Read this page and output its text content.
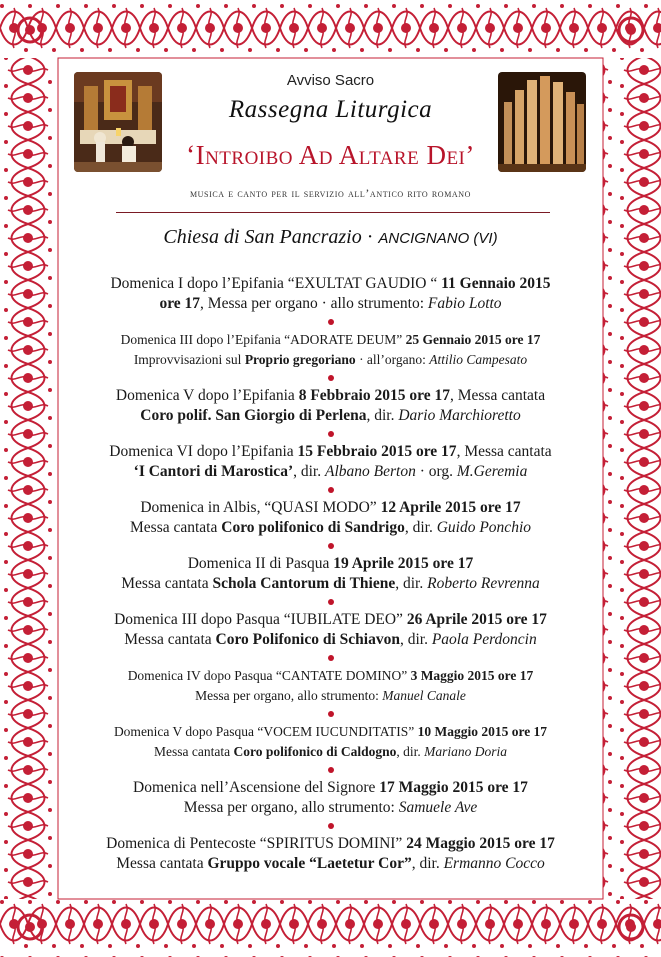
Avviso Sacro
Rassegna Liturgica
‘Introibo Ad Altare Dei’
musica e canto per il servizio all’antico rito romano
Chiesa di San Pancrazio · ANCIGNANO (VI)
Domenica I dopo l’Epifania “EXULTAT GAUDIO “ 11 Gennaio 2015
ore 17, Messa per organo · allo strumento: Fabio Lotto
Domenica III dopo l’Epifania “ADORATE DEUM” 25 Gennaio 2015 ore 17
Improvvisazioni sul Proprio gregoriano · all’organo: Attilio Campesato
Domenica V dopo l’Epifania 8 Febbraio 2015 ore 17, Messa cantata
Coro polif. San Giorgio di Perlena, dir. Dario Marchioretto
Domenica VI dopo l’Epifania 15 Febbraio 2015 ore 17, Messa cantata
‘I Cantori di Marostica’, dir. Albano Berton · org. M.Geremia
Domenica in Albis, “QUASI MODO” 12 Aprile 2015 ore 17
Messa cantata Coro polifonico di Sandrigo, dir. Guido Ponchio
Domenica II di Pasqua 19 Aprile 2015 ore 17
Messa cantata Schola Cantorum di Thiene, dir. Roberto Revrenna
Domenica III dopo Pasqua “IUBILATE DEO” 26 Aprile 2015 ore 17
Messa cantata Coro Polifonico di Schiavon, dir. Paola Perdoncin
Domenica IV dopo Pasqua “CANTATE DOMINO” 3 Maggio 2015 ore 17
Messa per organo, allo strumento: Manuel Canale
Domenica V dopo Pasqua “VOCEM IUCUNDITATIS” 10 Maggio 2015 ore 17
Messa cantata Coro polifonico di Caldogno, dir. Mariano Doria
Domenica nell’Ascensione del Signore 17 Maggio 2015 ore 17
Messa per organo, allo strumento: Samuele Ave
Domenica di Pentecoste “SPIRITUS DOMINI” 24 Maggio 2015 ore 17
Messa cantata Gruppo vocale “Laetetur Cor”, dir. Ermanno Cocco
